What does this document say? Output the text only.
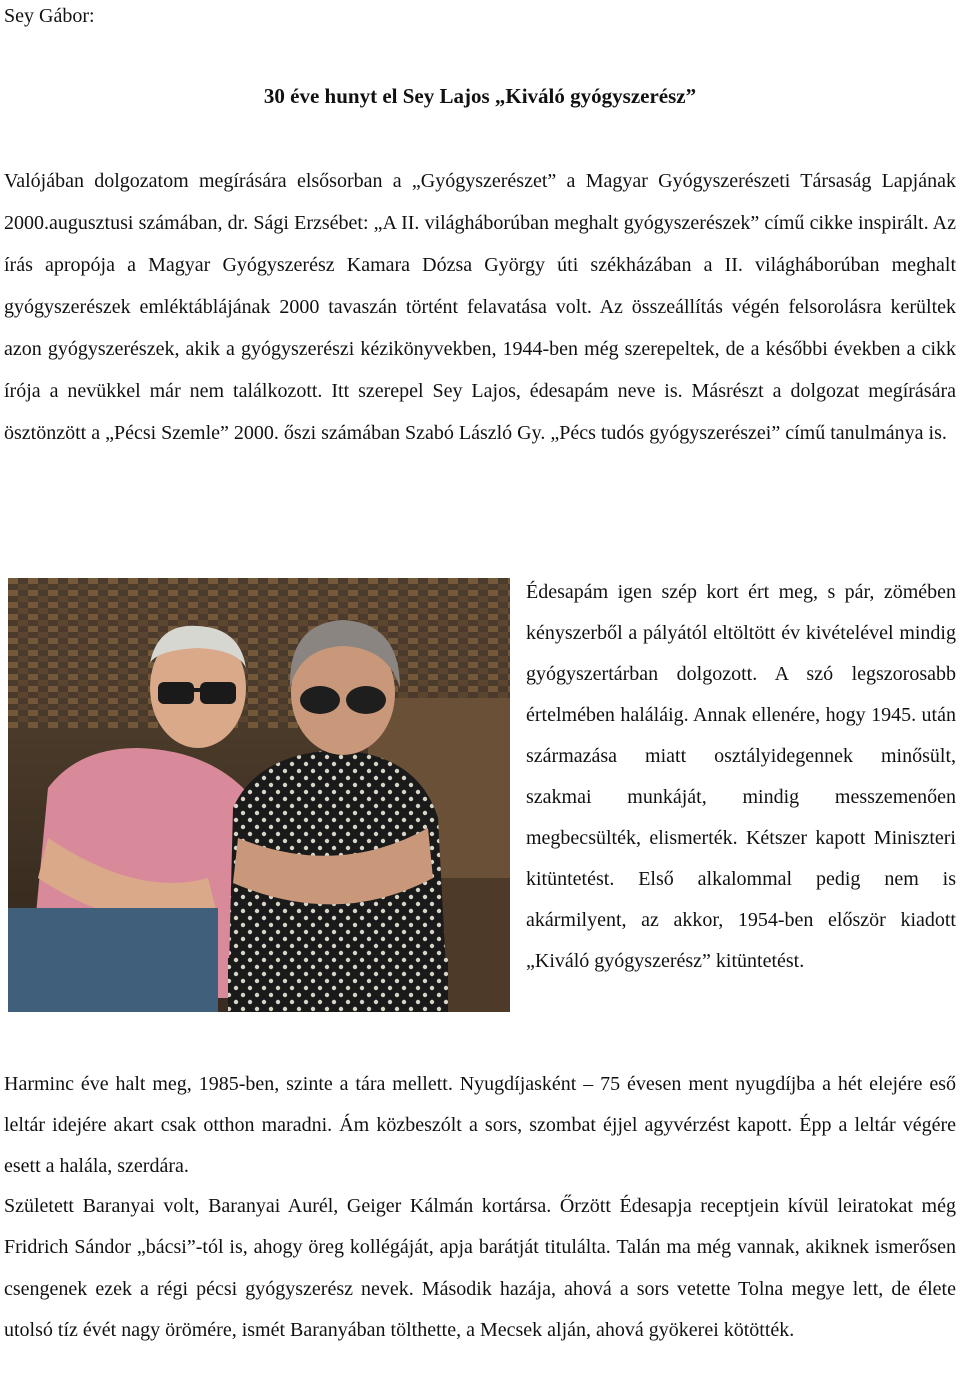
Sey Gábor:
30 éve hunyt el Sey Lajos „Kiváló gyógyszerész”

Valójában dolgozatom megírására elsősorban a „Gyógyszerészet” a Magyar Gyógyszerészeti Társaság Lapjának 2000.augusztusi számában, dr. Sági Erzsébet: „A II. világháborúban meghalt gyógyszerészek” című cikke inspirált. Az írás apropója a Magyar Gyógyszerész Kamara Dózsa György úti székházában a II. világháborúban meghalt gyógyszerészek emléktáblájának 2000 tavaszán történt felavatása volt. Az összeállítás végén felsorolásra kerültek azon gyógyszerészek, akik a gyógyszerészi kézikönyvekben, 1944-ben még szerepeltek, de a későbbi években a cikk írója a nevükkel már nem találkozott. Itt szerepel Sey Lajos, édesapám neve is. Másrészt a dolgozat megírására ösztönzött a „Pécsi Szemle” 2000. őszi számában Szabó László Gy. „Pécs tudós gyógyszerészei” című tanulmánya is.

Édesapám igen szép kort ért meg, s pár, zömében kényszerből a pályától eltöltött év kivételével mindig gyógyszertárban dolgozott. A szó legszorosabb értelmében haláláig. Annak ellenére, hogy 1945. után származása miatt osztályidegennek minősült, szakmai munkáját, mindig messzemenően megbecsülték, elismerték. Kétszer kapott Miniszteri kitüntetést. Első alkalommal pedig nem is akármilyent, az akkor, 1954-ben először kiadott „Kiváló gyógyszerész” kitüntetést.

Harminc éve halt meg, 1985-ben, szinte a tára mellett. Nyugdíjasként – 75 évesen ment nyugdíjba a hét elejére eső leltár idejére akart csak otthon maradni. Ám közbeszólt a sors, szombat éjjel agyvérzést kapott. Épp a leltár végére esett a halála, szerdára.

Született Baranyai volt, Baranyai Aurél, Geiger Kálmán kortársa. Őrzött Édesapja receptjein kívül leiratokat még Fridrich Sándor „bácsi”-tól is, ahogy öreg kollégáját, apja barátját titulálta. Talán ma még vannak, akiknek ismerősen csengenek ezek a régi pécsi gyógyszerész nevek. Második hazája, ahová a sors vetette Tolna megye lett, de élete utolsó tíz évét nagy örömére, ismét Baranyában tölthette, a Mecsek alján, ahová gyökerei kötötték.
